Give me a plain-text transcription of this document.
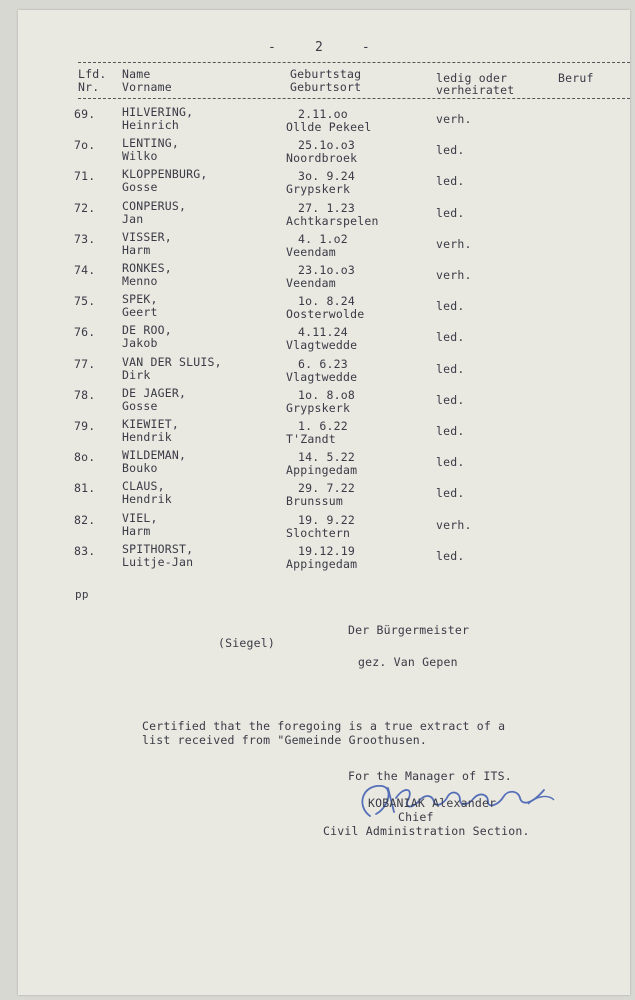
-     2     -
Lfd.
Nr.
Name
Vorname
Geburtstag
Geburtsort
ledig oder
verheiratet
Beruf
69. HILVERING,
Heinrich
2.11.oo
Ollde Pekeel
verh.
7o. LENTING,
Wilko
25.1o.o3
Noordbroek
led.
71. KLOPPENBURG,
Gosse
3o. 9.24
Grypskerk
led.
72. CONPERUS,
Jan
27. 1.23
Achtkarspelen
led.
73. VISSER,
Harm
4. 1.o2
Veendam
verh.
74. RONKES,
Menno
23.1o.o3
Veendam
verh.
75. SPEK,
Geert
1o. 8.24
Oosterwolde
led.
76. DE ROO,
Jakob
4.11.24
Vlagtwedde
led.
77. VAN DER SLUIS,
Dirk
6. 6.23
Vlagtwedde
led.
78. DE JAGER,
Gosse
1o. 8.o8
Grypskerk
led.
79. KIEWIET,
Hendrik
1. 6.22
T'Zandt
led.
8o. WILDEMAN,
Bouko
14. 5.22
Appingedam
led.
81. CLAUS,
Hendrik
29. 7.22
Brunssum
led.
82. VIEL,
Harm
19. 9.22
Slochtern
verh.
83. SPITHORST,
Luitje-Jan
19.12.19
Appingedam
led.
pp
(Siegel)
Der Bürgermeister
gez. Van Gepen
Certified that the foregoing is a true extract of a
list received from "Gemeinde Groothusen.
For the Manager of ITS.
KOBANIAK Alexander
Chief
Civil Administration Section.
